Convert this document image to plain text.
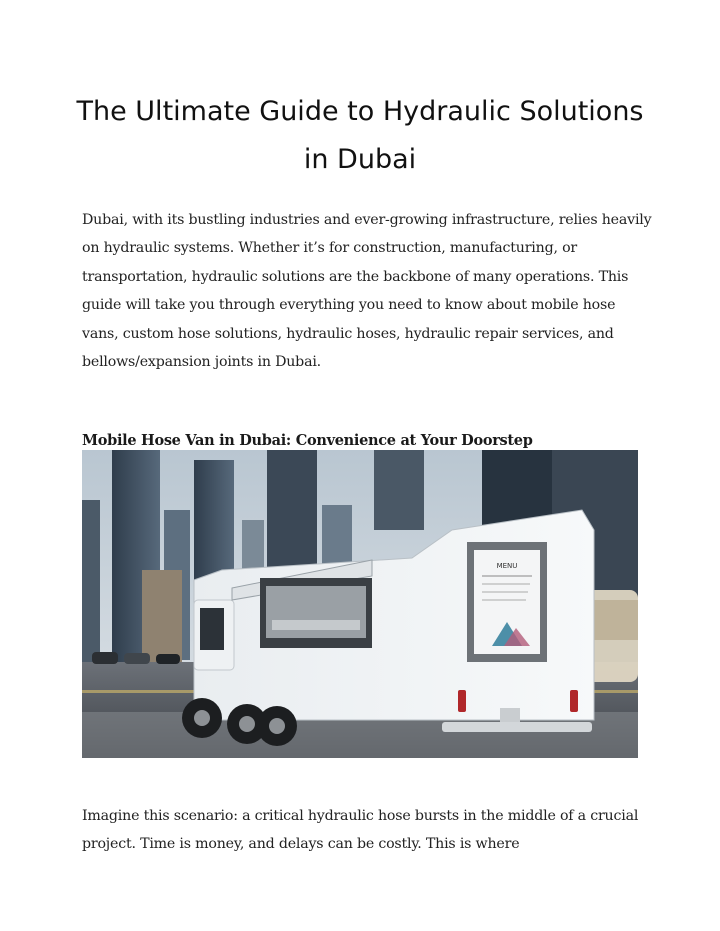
The Ultimate Guide to Hydraulic Solutions
in Dubai

Dubai, with its bustling industries and ever-growing infrastructure, relies heavily on hydraulic systems. Whether it’s for construction, manufacturing, or transportation, hydraulic solutions are the backbone of many operations. This guide will take you through everything you need to know about mobile hose vans, custom hose solutions, hydraulic hoses, hydraulic repair services, and bellows/expansion joints in Dubai.

Mobile Hose Van in Dubai: Convenience at Your Doorstep
MENU

Imagine this scenario: a critical hydraulic hose bursts in the middle of a crucial project. Time is money, and delays can be costly. This is where
